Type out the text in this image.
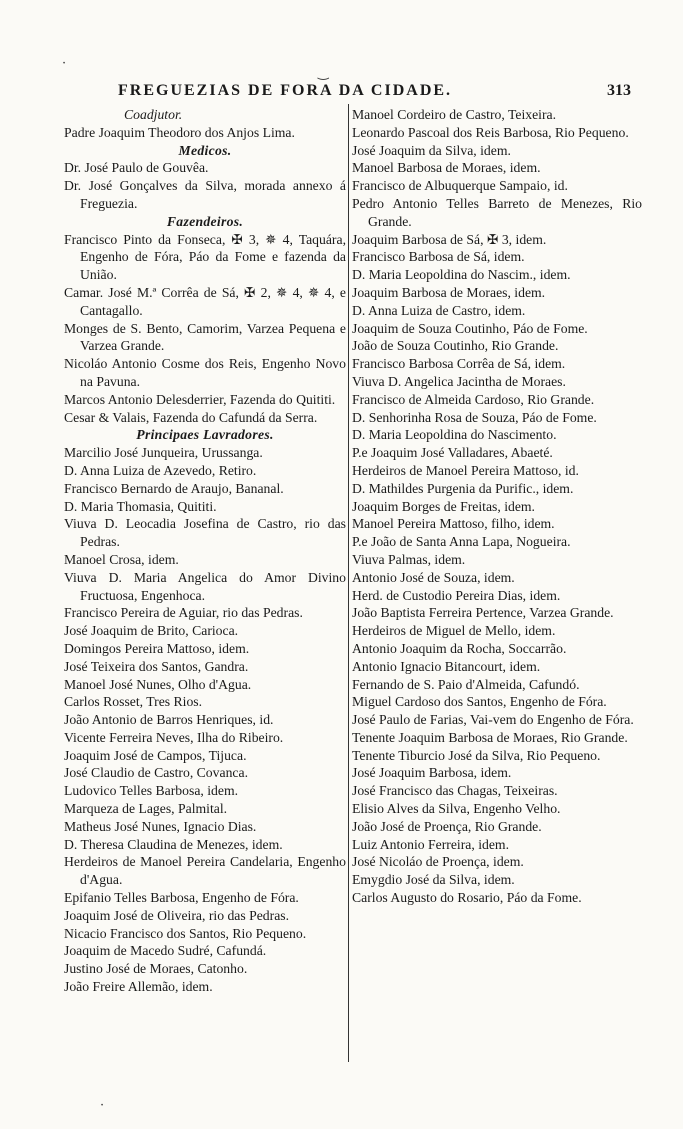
FREGUEZIAS DE FORA DA CIDADE.	313
Coadjutor.
Padre Joaquim Theodoro dos Anjos Lima.
Medicos.
Dr. José Paulo de Gouvêa.
Dr. José Gonçalves da Silva, morada annexo á Freguezia.
Fazendeiros.
Francisco Pinto da Fonseca, ✠ 3, ✵ 4, Taquára, Engenho de Fóra, Páo da Fome e fazenda da União.
Camar. José M.ª Corrêa de Sá, ✠ 2, ✵ 4, ✵ 4, e Cantagallo.
Monges de S. Bento, Camorim, Varzea Pequena e Varzea Grande.
Nicoláo Antonio Cosme dos Reis, Engenho Novo na Pavuna.
Marcos Antonio Delesderrier, Fazenda do Quititi.
Cesar & Valais, Fazenda do Cafundá da Serra.
Principaes Lavradores.
Marcilio José Junqueira, Urussanga.
D. Anna Luiza de Azevedo, Retiro.
Francisco Bernardo de Araujo, Bananal.
D. Maria Thomasia, Quititi.
Viuva D. Leocadia Josefina de Castro, rio das Pedras.
Manoel Crosa, idem.
Viuva D. Maria Angelica do Amor Divino Fructuosa, Engenhoca.
Francisco Pereira de Aguiar, rio das Pedras.
José Joaquim de Brito, Carioca.
Domingos Pereira Mattoso, idem.
José Teixeira dos Santos, Gandra.
Manoel José Nunes, Olho d'Agua.
Carlos Rosset, Tres Rios.
João Antonio de Barros Henriques, id.
Vicente Ferreira Neves, Ilha do Ribeiro.
Joaquim José de Campos, Tijuca.
José Claudio de Castro, Covanca.
Ludovico Telles Barbosa, idem.
Marqueza de Lages, Palmital.
Matheus José Nunes, Ignacio Dias.
D. Theresa Claudina de Menezes, idem.
Herdeiros de Manoel Pereira Candelaria, Engenho d'Agua.
Epifanio Telles Barbosa, Engenho de Fóra.
Joaquim José de Oliveira, rio das Pedras.
Nicacio Francisco dos Santos, Rio Pequeno.
Joaquim de Macedo Sudré, Cafundá.
Justino José de Moraes, Catonho.
João Freire Allemão, idem.
Manoel Cordeiro de Castro, Teixeira.
Leonardo Pascoal dos Reis Barbosa, Rio Pequeno.
José Joaquim da Silva, idem.
Manoel Barbosa de Moraes, idem.
Francisco de Albuquerque Sampaio, id.
Pedro Antonio Telles Barreto de Menezes, Rio Grande.
Joaquim Barbosa de Sá, ✠ 3, idem.
Francisco Barbosa de Sá, idem.
D. Maria Leopoldina do Nascim., idem.
Joaquim Barbosa de Moraes, idem.
D. Anna Luiza de Castro, idem.
Joaquim de Souza Coutinho, Páo de Fome.
João de Souza Coutinho, Rio Grande.
Francisco Barbosa Corrêa de Sá, idem.
Viuva D. Angelica Jacintha de Moraes.
Francisco de Almeida Cardoso, Rio Grande.
D. Senhorinha Rosa de Souza, Páo de Fome.
D. Maria Leopoldina do Nascimento.
P.e Joaquim José Valladares, Abaeté.
Herdeiros de Manoel Pereira Mattoso, id.
D. Mathildes Purgenia da Purific., idem.
Joaquim Borges de Freitas, idem.
Manoel Pereira Mattoso, filho, idem.
P.e João de Santa Anna Lapa, Nogueira.
Viuva Palmas, idem.
Antonio José de Souza, idem.
Herd. de Custodio Pereira Dias, idem.
João Baptista Ferreira Pertence, Varzea Grande.
Herdeiros de Miguel de Mello, idem.
Antonio Joaquim da Rocha, Soccarrão.
Antonio Ignacio Bitancourt, idem.
Fernando de S. Paio d'Almeida, Cafundó.
Miguel Cardoso dos Santos, Engenho de Fóra.
José Paulo de Farias, Vai-vem do Engenho de Fóra.
Tenente Joaquim Barbosa de Moraes, Rio Grande.
Tenente Tiburcio José da Silva, Rio Pequeno.
José Joaquim Barbosa, idem.
José Francisco das Chagas, Teixeiras.
Elisio Alves da Silva, Engenho Velho.
João José de Proença, Rio Grande.
Luiz Antonio Ferreira, idem.
José Nicoláo de Proença, idem.
Emygdio José da Silva, idem.
Carlos Augusto do Rosario, Páo da Fome.
·
‿
·
